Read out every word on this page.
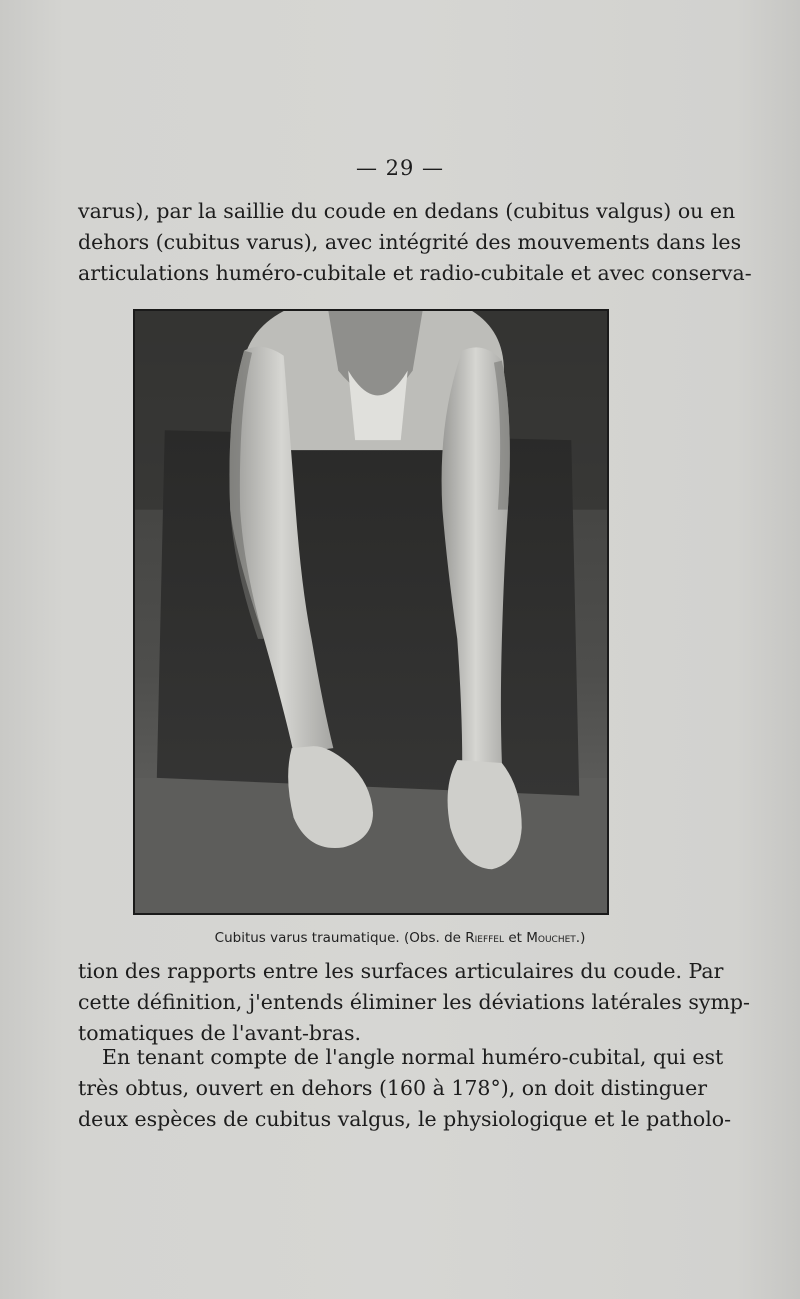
— 29 —

varus), par la saillie du coude en dedans (cubitus valgus) ou en
dehors (cubitus varus), avec intégrité des mouvements dans les
articulations huméro-cubitale et radio-cubitale et avec conserva-

Cubitus varus traumatique. (Obs. de Rieffel et Mouchet.)

tion des rapports entre les surfaces articulaires du coude. Par
cette définition, j'entends éliminer les déviations latérales symp-
tomatiques de l'avant-bras.

En tenant compte de l'angle normal huméro-cubital, qui est
très obtus, ouvert en dehors (160 à 178°), on doit distinguer
deux espèces de cubitus valgus, le physiologique et le patholo-
